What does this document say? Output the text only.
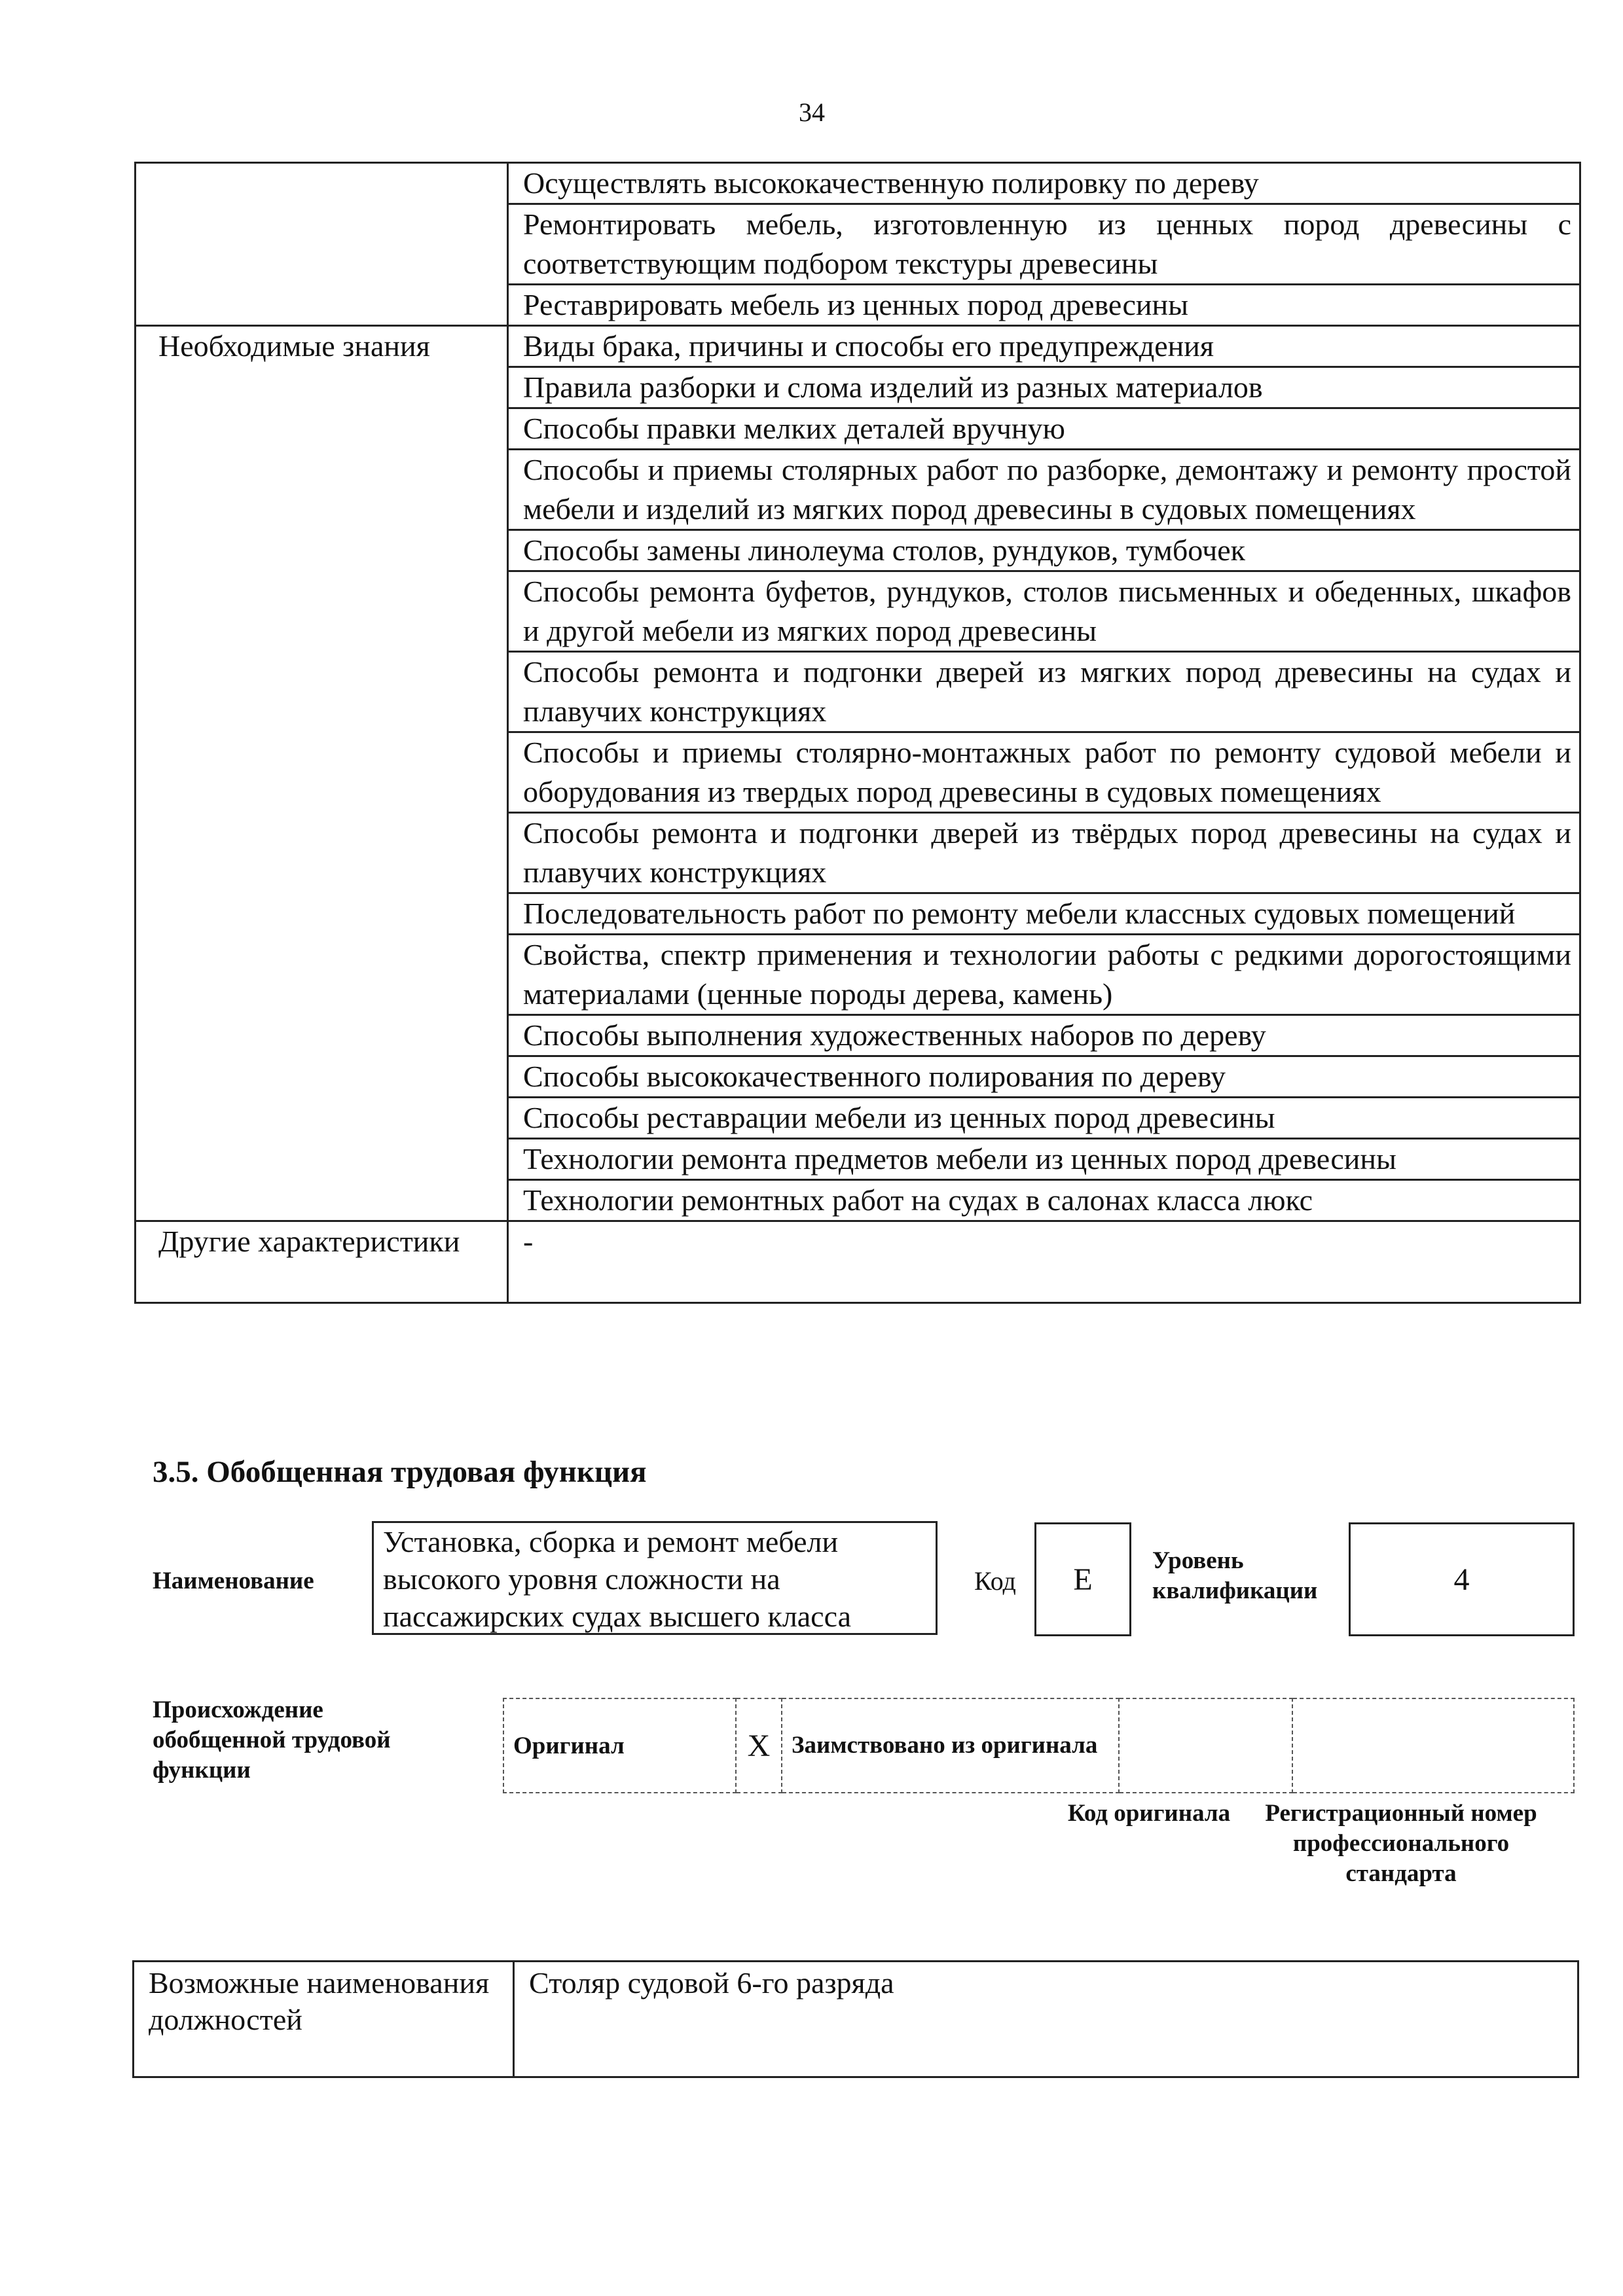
34
	Осуществлять высококачественную полировку по дереву
	Ремонтировать мебель, изготовленную из ценных пород древесины с соответствующим подбором текстуры древесины
	Реставрировать мебель из ценных пород древесины
Необходимые знания	Виды брака, причины и способы его предупреждения
	Правила разборки и слома изделий из разных материалов
	Способы правки мелких деталей вручную
	Способы и приемы столярных работ по разборке, демонтажу и ремонту простой мебели и изделий из мягких пород древесины в судовых помещениях
	Способы замены линолеума столов, рундуков, тумбочек
	Способы ремонта буфетов, рундуков, столов письменных и обеденных, шкафов и другой мебели из мягких пород древесины
	Способы ремонта и подгонки дверей из мягких пород древесины на судах и плавучих конструкциях
	Способы и приемы столярно-монтажных работ по ремонту судовой мебели и оборудования из твердых пород древесины в судовых помещениях
	Способы ремонта и подгонки дверей из твёрдых пород древесины на судах и плавучих конструкциях
	Последовательность работ по ремонту мебели классных судовых помещений
	Свойства, спектр применения и технологии работы с редкими дорогостоящими материалами (ценные породы дерева, камень)
	Способы выполнения художественных наборов по дереву
	Способы высококачественного полирования по дереву
	Способы реставрации мебели из ценных пород древесины
	Технологии ремонта предметов мебели из ценных пород древесины
	Технологии ремонтных работ на судах в салонах класса люкс
Другие характеристики	-
3.5. Обобщенная трудовая функция
Наименование
Установка, сборка и ремонт мебели высокого уровня сложности на пассажирских судах высшего класса
Код	E
Уровень квалификации	4
Происхождение обобщенной трудовой функции
Оригинал	X	Заимствовано из оригинала		
Код оригинала	Регистрационный номер профессионального стандарта
Возможные наименования должностей	Столяр судовой 6-го разряда
